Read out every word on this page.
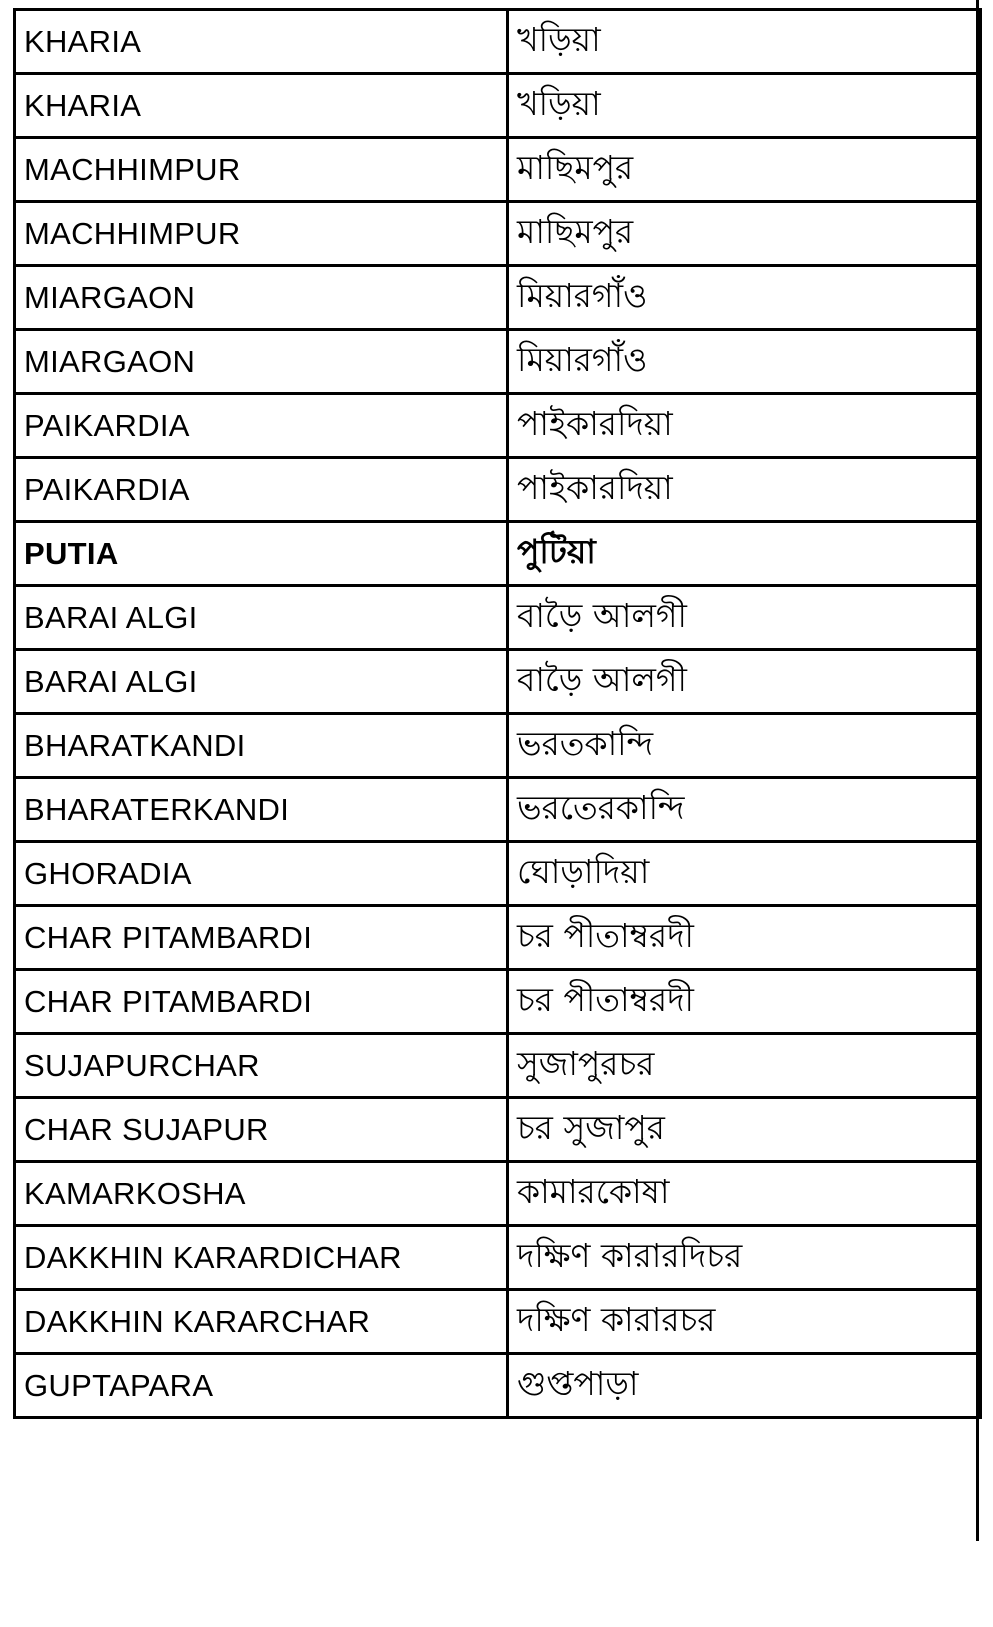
KHARIA	খড়িয়া
KHARIA	খড়িয়া
MACHHIMPUR	মাছিমপুর
MACHHIMPUR	মাছিমপুর
MIARGAON	মিয়ারগাঁও
MIARGAON	মিয়ারগাঁও
PAIKARDIA	পাইকারদিয়া
PAIKARDIA	পাইকারদিয়া
PUTIA	পুটিয়া
BARAI ALGI	বাড়ৈ আলগী
BARAI ALGI	বাড়ৈ আলগী
BHARATKANDI	ভরতকান্দি
BHARATERKANDI	ভরতেরকান্দি
GHORADIA	ঘোড়াদিয়া
CHAR PITAMBARDI	চর পীতাম্বরদী
CHAR PITAMBARDI	চর পীতাম্বরদী
SUJAPURCHAR	সুজাপুরচর
CHAR SUJAPUR	চর সুজাপুর
KAMARKOSHA	কামারকোষা
DAKKHIN KARARDICHAR	দক্ষিণ কারারদিচর
DAKKHIN KARARCHAR	দক্ষিণ কারারচর
GUPTAPARA	গুপ্তপাড়া
